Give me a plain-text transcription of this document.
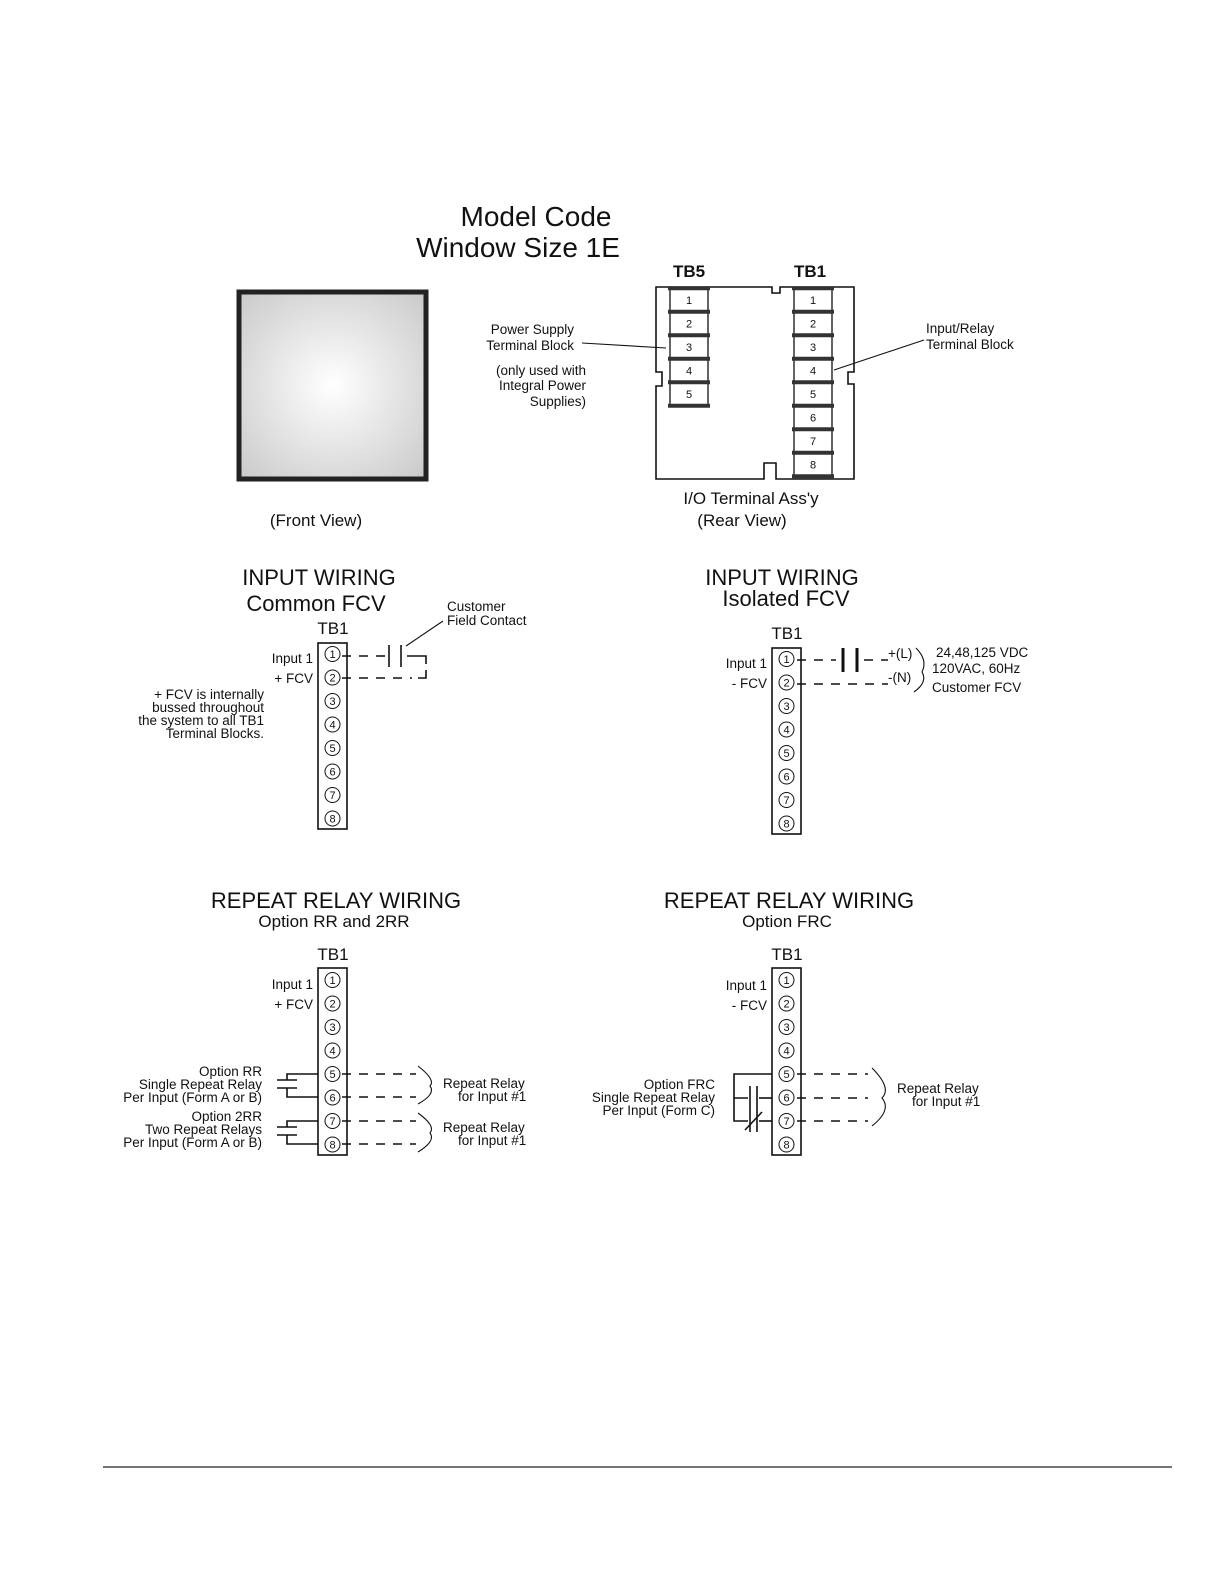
Model Code
Window Size 1E
(Front View)
TB5	TB1
1
2
3
4
5
1
2
3
4
5
6
7
8
Power Supply
Terminal Block
(only used with
Integral Power
Supplies)
Input/Relay
Terminal Block
I/O Terminal Ass'y
(Rear View)
INPUT WIRING
Common FCV
TB1
1
2
3
4
5
6
7
8
Customer
Field Contact
Input 1
+ FCV
+ FCV is internally
bussed throughout
the system to all TB1
Terminal Blocks.
INPUT WIRING
Isolated FCV
TB1
1
2
3
4
5
6
7
8
Input 1
- FCV
+(L)
-(N)
24,48,125 VDC
120VAC, 60Hz
Customer FCV
REPEAT RELAY WIRING
Option RR and 2RR
TB1
1
2
3
4
5
6
7
8
Input 1
+ FCV
Option RR
Single Repeat Relay
Per Input (Form A or B)
Option 2RR
Two Repeat Relays
Per Input (Form A or B)
Repeat Relay
for Input #1
Repeat Relay
for Input #1
REPEAT RELAY WIRING
Option FRC
TB1
1
2
3
4
5
6
7
8
Input 1
- FCV
Option FRC
Single Repeat Relay
Per Input (Form C)
Repeat Relay
for Input #1
